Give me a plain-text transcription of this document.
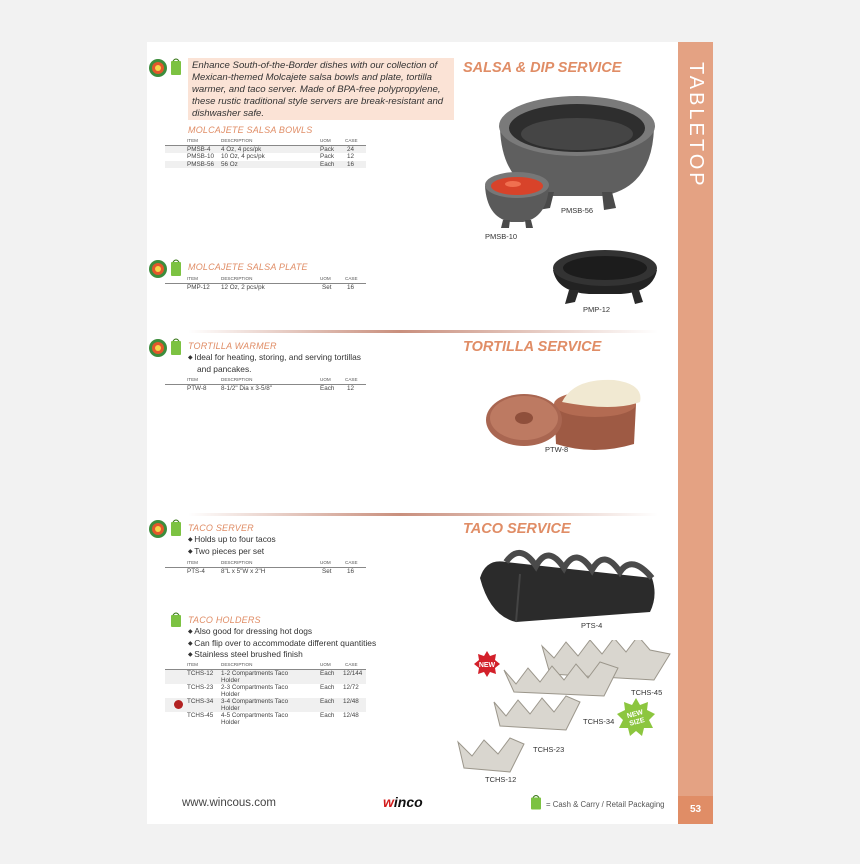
TABLETOP
53
Enhance South-of-the-Border dishes with our collection of Mexican-themed Molcajete salsa bowls and plate, tortilla warmer, and taco server. Made of BPA-free polypropylene, these rustic traditional style servers are break-resistant and dishwasher safe.
SALSA & DIP SERVICE
TORTILLA SERVICE
TACO SERVICE
MOLCAJETE SALSA BOWLS
ITEM	DESCRIPTION	UOM	CASE
PMSB-4 4 Oz, 4 pcs/pk	Pack 24
PMSB-10 10 Oz, 4 pcs/pk	Pack 12
PMSB-56 56 Oz	Each 16
MOLCAJETE SALSA PLATE
ITEM	DESCRIPTION	UOM	CASE
PMP-12 12 Oz, 2 pcs/pk	Set 16
TORTILLA WARMER
◆ Ideal for heating, storing, and serving tortillas
and pancakes.
ITEM	DESCRIPTION	UOM	CASE
PTW-8 8-1/2" Dia x 3-5/8"	Each 12
TACO SERVER
◆ Holds up to four tacos
◆ Two pieces per set
ITEM	DESCRIPTION	UOM	CASE
PTS-4	8"L x 5"W x 2"H	Set 16
TACO HOLDERS
◆ Also good for dressing hot dogs
◆ Can flip over to accommodate different quantities
◆ Stainless steel brushed finish
ITEM	DESCRIPTION	UOM	CASE
TCHS-12 1-2 Compartments Taco
Holder
Each 12/144
TCHS-23 2-3 Compartments Taco
Holder
Each 12/72
TCHS-34 3-4 Compartments Taco
Holder
Each 12/48
TCHS-45 4-5 Compartments Taco
Holder
Each 12/48
PMSB-56
PMSB-10
PMP-12
PTW-8
PTS-4
NEW
NEW
SIZE
TCHS-45
TCHS-34
TCHS-23
TCHS-12
www.wincous.com	winco	= Cash & Carry / Retail Packaging
